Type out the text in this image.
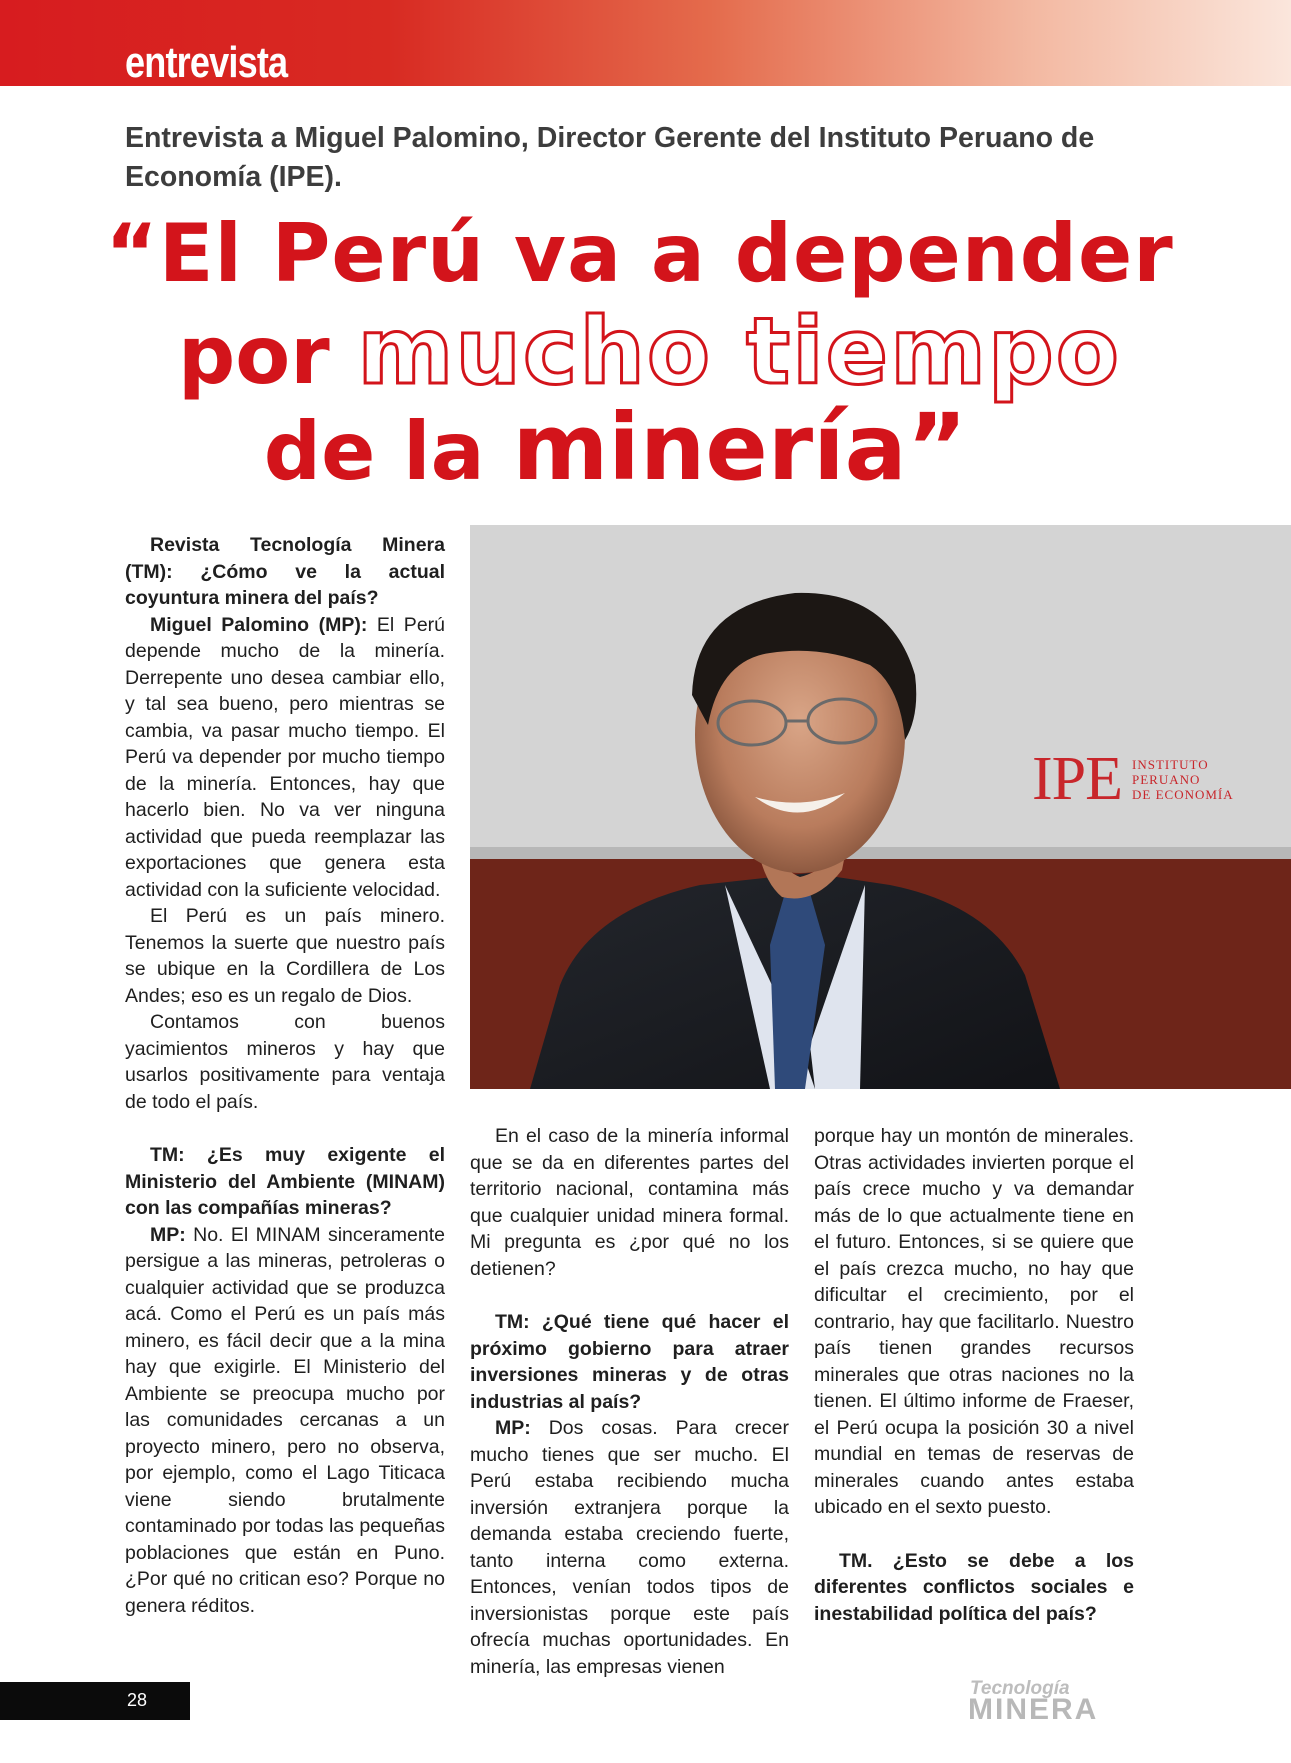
entrevista
Entrevista a Miguel Palomino, Director Gerente del Instituto Peruano de Economía (IPE).
“El Perú va a depender
por mucho tiempo
de la minería”
IPE INSTITUTO
PERUANO
DE ECONOMÍA

Revista Tecnología Minera (TM): ¿Cómo ve la actual coyuntura minera del país?

Miguel Palomino (MP): El Perú depende mucho de la minería. Derrepente uno desea cambiar ello, y tal sea bueno, pero mientras se cambia, va pasar mucho tiempo. El Perú va depender por mucho tiempo de la minería. Entonces, hay que hacerlo bien. No va ver ninguna actividad que pueda reemplazar las exportaciones que genera esta actividad con la suficiente velocidad.

El Perú es un país minero. Tenemos la suerte que nuestro país se ubique en la Cordillera de Los Andes; eso es un regalo de Dios.

Contamos con buenos yacimientos mineros y hay que usarlos positivamente para ventaja de todo el país.

TM: ¿Es muy exigente el Ministerio del Ambiente (MINAM) con las compañías mineras?

MP: No. El MINAM sinceramente persigue a las mineras, petroleras o cualquier actividad que se produzca acá. Como el Perú es un país más minero, es fácil decir que a la mina hay que exigirle. El Ministerio del Ambiente se preocupa mucho por las comunidades cercanas a un proyecto minero, pero no observa, por ejemplo, como el Lago Titicaca viene siendo brutalmente contaminado por todas las pequeñas poblaciones que están en Puno. ¿Por qué no critican eso? Porque no genera réditos.

En el caso de la minería informal que se da en diferentes partes del territorio nacional, contamina más que cualquier unidad minera formal. Mi pregunta es ¿por qué no los detienen?

TM: ¿Qué tiene qué hacer el próximo gobierno para atraer inversiones mineras y de otras industrias al país?

MP: Dos cosas. Para crecer mucho tienes que ser mucho. El Perú estaba recibiendo mucha inversión extranjera porque la demanda estaba creciendo fuerte, tanto interna como externa. Entonces, venían todos tipos de inversionistas porque este país ofrecía muchas oportunidades. En minería, las empresas vienen

porque hay un montón de minerales. Otras actividades invierten porque el país crece mucho y va demandar más de lo que actualmente tiene en el futuro. Entonces, si se quiere que el país crezca mucho, no hay que dificultar el crecimiento, por el contrario, hay que facilitarlo. Nuestro país tienen grandes recursos minerales que otras naciones no la tienen. El último informe de Fraeser, el Perú ocupa la posición 30 a nivel mundial en temas de reservas de minerales cuando antes estaba ubicado en el sexto puesto.

TM. ¿Esto se debe a los diferentes conflictos sociales e inestabilidad política del país?

28
Tecnología
MINERA
